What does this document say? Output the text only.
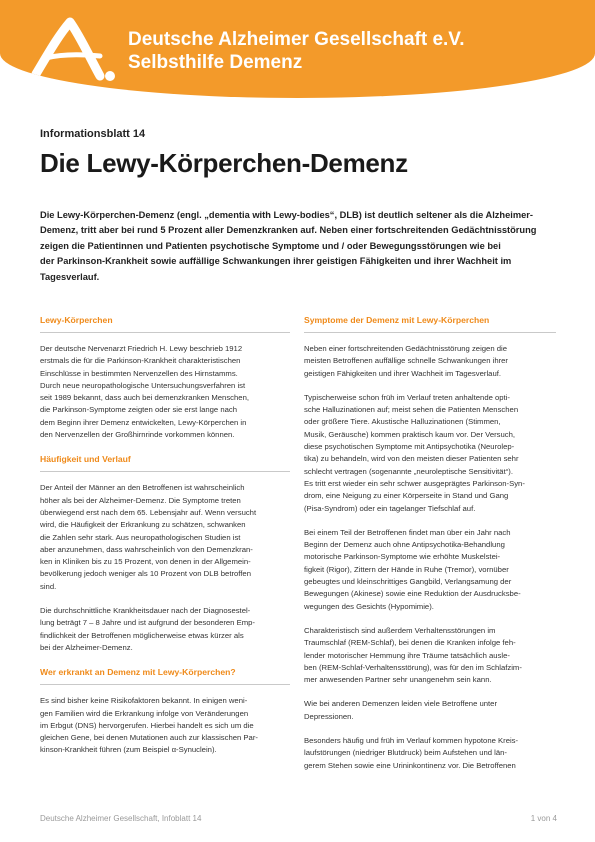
Deutsche Alzheimer Gesellschaft e.V.
Selbsthilfe Demenz
Informationsblatt 14
Die Lewy-Körperchen-Demenz

Die Lewy-Körperchen-Demenz (engl. „dementia with Lewy-bodies“, DLB) ist deutlich seltener als die Alzheimer-

Demenz, tritt aber bei rund 5 Prozent aller Demenzkranken auf. Neben einer fortschreitenden Gedächtnisstörung

zeigen die Patientinnen und Patienten psychotische Symptome und / oder Bewegungsstörungen wie bei

der Parkinson-Krankheit sowie auffällige Schwankungen ihrer geistigen Fähigkeiten und ihrer Wachheit im

Tagesverlauf.

Lewy-Körperchen

Der deutsche Nervenarzt Friedrich H. Lewy beschrieb 1912
erstmals die für die Parkinson-Krankheit charakteristischen
Einschlüsse in bestimmten Nervenzellen des Hirnstamms.
Durch neue neuropathologische Untersuchungsverfahren ist
seit 1989 bekannt, dass auch bei demenzkranken Menschen,
die Parkinson-Symptome zeigten oder sie erst lange nach
dem Beginn ihrer Demenz entwickelten, Lewy-Körperchen in
den Nervenzellen der Großhirnrinde vorkommen können.

Häufigkeit und Verlauf

Der Anteil der Männer an den Betroffenen ist wahrscheinlich
höher als bei der Alzheimer-Demenz. Die Symptome treten
überwiegend erst nach dem 65. Lebensjahr auf. Wenn versucht
wird, die Häufigkeit der Erkrankung zu schätzen, schwanken
die Zahlen sehr stark. Aus neuropathologischen Studien ist
aber anzunehmen, dass wahrscheinlich von den Demenzkran-
ken in Kliniken bis zu 15 Prozent, von denen in der Allgemein-
bevölkerung jedoch weniger als 10 Prozent von DLB betroffen
sind.

Die durchschnittliche Krankheitsdauer nach der Diagnosestel-
lung beträgt 7 – 8 Jahre und ist aufgrund der besonderen Emp-
findlichkeit der Betroffenen möglicherweise etwas kürzer als
bei der Alzheimer-Demenz.

Wer erkrankt an Demenz mit Lewy-Körperchen?

Es sind bisher keine Risikofaktoren bekannt. In einigen weni-
gen Familien wird die Erkrankung infolge von Veränderungen
im Erbgut (DNS) hervorgerufen. Hierbei handelt es sich um die
gleichen Gene, bei denen Mutationen auch zur klassischen Par-
kinson-Krankheit führen (zum Beispiel α-Synuclein).

Symptome der Demenz mit Lewy-Körperchen

Neben einer fortschreitenden Gedächtnisstörung zeigen die
meisten Betroffenen auffällige schnelle Schwankungen ihrer
geistigen Fähigkeiten und ihrer Wachheit im Tagesverlauf.

Typischerweise schon früh im Verlauf treten anhaltende opti-
sche Halluzinationen auf; meist sehen die Patienten Menschen
oder größere Tiere. Akustische Halluzinationen (Stimmen,
Musik, Geräusche) kommen praktisch kaum vor. Der Versuch,
diese psychotischen Symptome mit Antipsychotika (Neurolep-
tika) zu behandeln, wird von den meisten dieser Patienten sehr
schlecht vertragen (sogenannte „neuroleptische Sensitivität“).
Es tritt erst wieder ein sehr schwer ausgeprägtes Parkinson-Syn-
drom, eine Neigung zu einer Körperseite in Stand und Gang
(Pisa-Syndrom) oder ein tagelanger Tiefschlaf auf.

Bei einem Teil der Betroffenen findet man über ein Jahr nach
Beginn der Demenz auch ohne Antipsychotika-Behandlung
motorische Parkinson-Symptome wie erhöhte Muskelstei-
figkeit (Rigor), Zittern der Hände in Ruhe (Tremor), vornüber
gebeugtes und kleinschrittiges Gangbild, Verlangsamung der
Bewegungen (Akinese) sowie eine Reduktion der Ausdrucksbe-
wegungen des Gesichts (Hypomimie).

Charakteristisch sind außerdem Verhaltensstörungen im
Traumschlaf (REM-Schlaf), bei denen die Kranken infolge feh-
lender motorischer Hemmung ihre Träume tatsächlich ausle-
ben (REM-Schlaf-Verhaltensstörung), was für den im Schlafzim-
mer anwesenden Partner sehr unangenehm sein kann.

Wie bei anderen Demenzen leiden viele Betroffene unter
Depressionen.

Besonders häufig und früh im Verlauf kommen hypotone Kreis-
laufstörungen (niedriger Blutdruck) beim Aufstehen und län-
gerem Stehen sowie eine Urininkontinenz vor. Die Betroffenen

Deutsche Alzheimer Gesellschaft, Infoblatt 14	1 von 4
